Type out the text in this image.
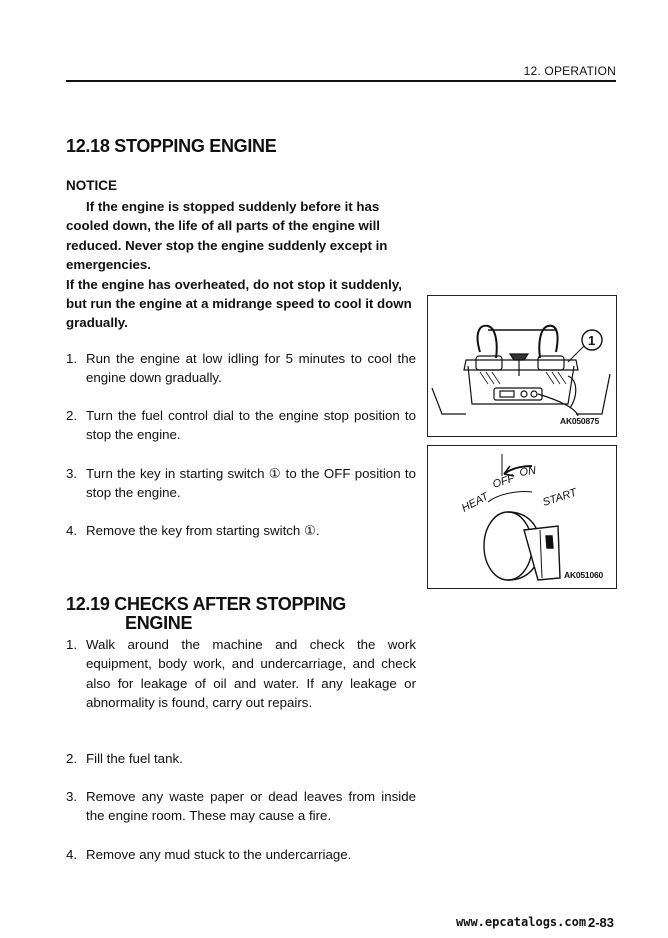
12. OPERATION
12.18 STOPPING ENGINE
NOTICE

If the engine is stopped suddenly before it has cooled down, the life of all parts of the engine will reduced. Never stop the engine suddenly except in emergencies.

If the engine has overheated, do not stop it suddenly, but run the engine at a midrange speed to cool it down gradually.

1. Run the engine at low idling for 5 minutes to cool the engine down gradually.
2. Turn the fuel control dial to the engine stop position to stop the engine.
3. Turn the key in starting switch ① to the OFF position to stop the engine.
4. Remove the key from starting switch ①.
1
AK050875
HEAT
OFF
ON
START
AK051060
12.19 CHECKS AFTER STOPPING
ENGINE
1. Walk around the machine and check the work equipment, body work, and undercarriage, and check also for leakage of oil and water. If any leakage or abnormality is found, carry out repairs.
2. Fill the fuel tank.
3. Remove any waste paper or dead leaves from inside the engine room. These may cause a fire.
4. Remove any mud stuck to the undercarriage.
www.epcatalogs.com 2-83
